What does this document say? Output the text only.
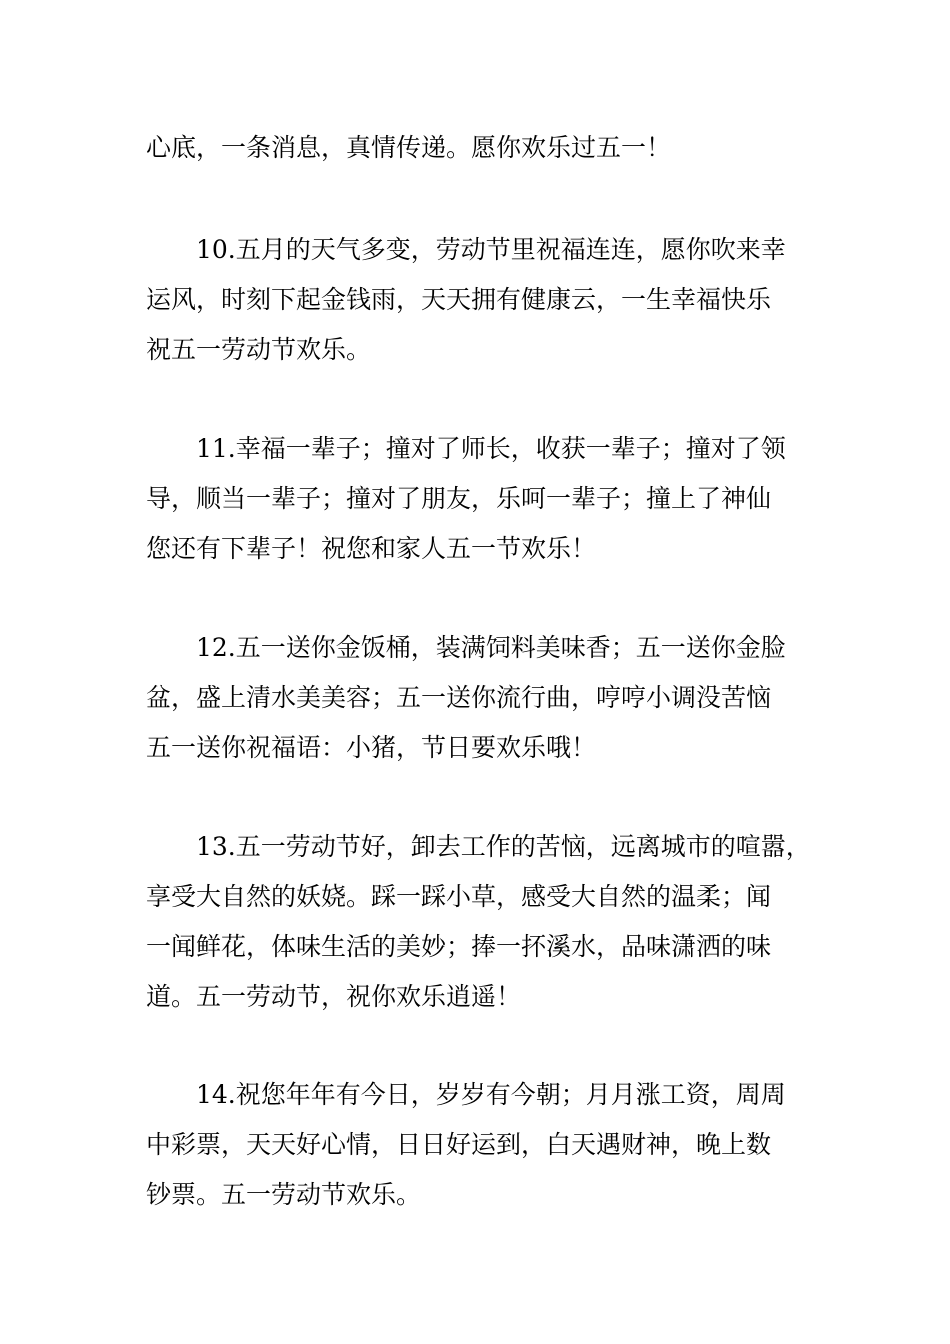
心底，一条消息，真情传递。愿你欢乐过五一！
10.五月的天气多变，劳动节里祝福连连，愿你吹来幸
运风，时刻下起金钱雨，天天拥有健康云，一生幸福快乐
祝五一劳动节欢乐。
11.幸福一辈子；撞对了师长，收获一辈子；撞对了领
导，顺当一辈子；撞对了朋友，乐呵一辈子；撞上了神仙
您还有下辈子！祝您和家人五一节欢乐！
12.五一送你金饭桶，装满饲料美味香；五一送你金脸
盆，盛上清水美美容；五一送你流行曲，哼哼小调没苦恼
五一送你祝福语：小猪，节日要欢乐哦！
13.五一劳动节好，卸去工作的苦恼，远离城市的喧嚣，
享受大自然的妖娆。踩一踩小草，感受大自然的温柔；闻
一闻鲜花，体味生活的美妙；捧一抔溪水，品味潇洒的味
道。五一劳动节，祝你欢乐逍遥！
14.祝您年年有今日，岁岁有今朝；月月涨工资，周周
中彩票，天天好心情，日日好运到，白天遇财神，晚上数
钞票。五一劳动节欢乐。
